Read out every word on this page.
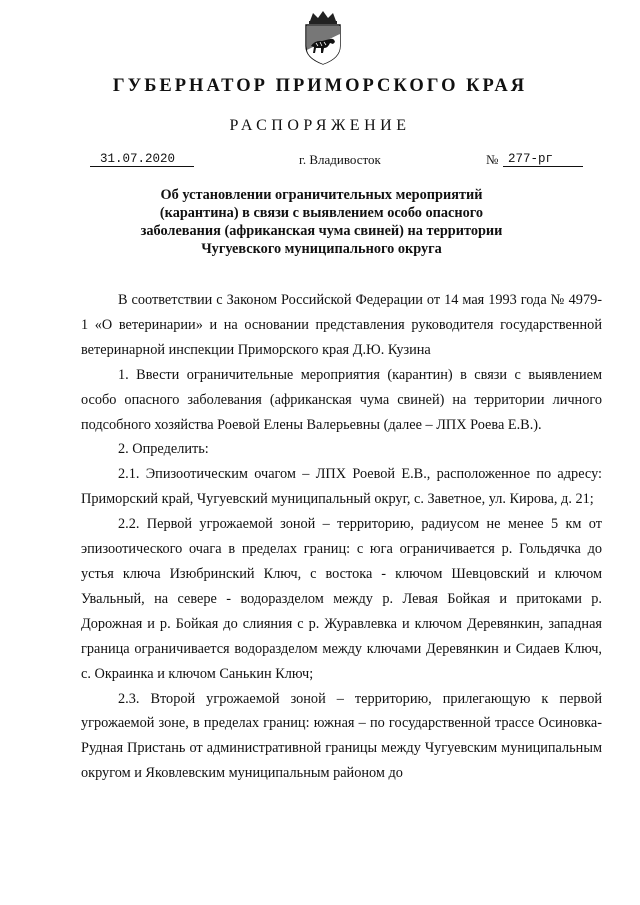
ГУБЕРНАТОР ПРИМОРСКОГО КРАЯ
РАСПОРЯЖЕНИЕ
31.07.2020	г. Владивосток	№ 277-рг
Об установлении ограничительных мероприятий (карантина) в связи с выявлением особо опасного заболевания (африканская чума свиней) на территории Чугуевского муниципального округа

В соответствии с Законом Российской Федерации от 14 мая 1993 года № 4979-1 «О ветеринарии» и на основании представления руководителя государственной ветеринарной инспекции Приморского края Д.Ю. Кузина

1. Ввести ограничительные мероприятия (карантин) в связи с выявлением особо опасного заболевания (африканская чума свиней) на территории личного подсобного хозяйства Роевой Елены Валерьевны (далее – ЛПХ Роева Е.В.).

2. Определить:

2.1. Эпизоотическим очагом – ЛПХ Роевой Е.В., расположенное по адресу: Приморский край, Чугуевский муниципальный округ, с. Заветное, ул. Кирова, д. 21;

2.2. Первой угрожаемой зоной – территорию, радиусом не менее 5 км от эпизоотического очага в пределах границ: с юга ограничивается р. Гольдячка до устья ключа Изюбринский Ключ, с востока - ключом Шевцовский и ключом Увальный, на севере - водоразделом между р. Левая Бойкая и притоками р. Дорожная и р. Бойкая до слияния с р. Журавлевка и ключом Деревянкин, западная граница ограничивается водоразделом между ключами Деревянкин и Сидаев Ключ, с. Окраинка и ключом Санькин Ключ;

2.3. Второй угрожаемой зоной – территорию, прилегающую к первой угрожаемой зоне, в пределах границ: южная – по государственной трассе Осиновка-Рудная Пристань от административной границы между Чугуевским муниципальным округом и Яковлевским муниципальным районом до
